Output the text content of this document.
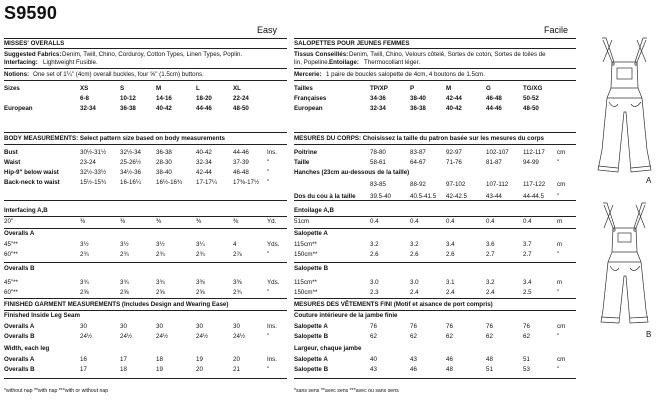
S9590
Easy
MISSES' OVERALLS
Suggested Fabrics: Denim, Twill, Chino, Corduroy, Cotton Types, Linen Types, Poplin.
Interfacing: Lightweight Fusible.
Notions: One set of 1¼" (4cm) overall buckles, four ⅝" (1.5cm) buttons.
Sizes	XS	S	M	L	XL
6-8	10-12	14-16	18-20	22-24
European	32-34	36-38	40-42	44-46	48-50
BODY MEASUREMENTS: Select pattern size based on body measurements
Bust	30½-31½ 32½-34 36-38	40-42	44-46	Ins.
Waist	23-24	25-26½ 28-30	32-34	37-39	"
Hip-9" below waist	32½-33½ 34½-36 38-40	42-44	46-48	"
Back-neck to waist	15½-15¾ 16-16¼ 16½-16¾ 17-17¼	17⅜-17½ "
Interfacing A,B
20"	⅜	⅜	⅜	⅜	⅜	Yd.
Overalls A
45"**	3½	3½	3½	3¼	4	Yds.
60"**	2¾	2¾	2¾	2¾	2⅞	"
Overalls B
45"**	3¾	3¾	3¾	3⅜	3⅜	Yds.
60"**	2⅝	2⅝	2⅝	2⅝	2¾	"
FINISHED GARMENT MEASUREMENTS (Includes Design and Wearing Ease)
Finished Inside Leg Seam
Overalls A	30	30	30	30	30	Ins.
Overalls B	24½	24½	24½	24½	24½	"
Width, each leg
Overalls A	16	17	18	19	20	Ins.
Overalls B	17	18	19	20	21	"
*without nap **with nap ***with or without nap
Facile
SALOPETTES POUR JEUNES FEMMES
Tissus Conseillés: Denim, Twill, Chino, Velours côtelé, Sortes de coton, Sortes de toiles de
lin, Popeline. Entoilage: Thermocollant léger.
Mercerie: 1 paire de boucles salopette de 4cm, 4 boutons de 1.5cm.
Tailles	TP/XP	P	M	G	TG/XG
Françaises	34-36	38-40	42-44	46-48	50-52
European	32-34	36-38	40-42	44-46	48-50
MESURES DU CORPS: Choisissez la taille du patron basée sur les mesures du corps
Poitrine	78-80	83-87	92-97	102-107 112-117 cm
Taille	58-61	64-67	71-76	81-87	94-99	"
Hanches (23cm au-dessous de la taille)
83-85	88-92	97-102	107-112 117-122 cm
Dos du cou à la taille 39.5-40	40.5-41.5 42-42.5	43-44	44-44.5 "
Entoilage A,B
51cm	0.4	0.4	0.4	0.4	0.4	m
Salopette A
115cm**	3.2	3.2	3.4	3.6	3.7	m
150cm**	2.6	2.6	2.6	2.7	2.7	"
Salopette B
115cm**	3.0	3.0	3.1	3.2	3.4	m
150cm**	2.3	2.4	2.4	2.4	2.5	"
MESURES DES VÊTEMENTS FINI (Motif et aisance de port compris)
Couture intérieure de la jambe finie
Salopette A	76	76	76	76	76	cm
Salopette B	62	62	62	62	62	"
Largeur, chaque jambe
Salopette A	40	43	46	48	51	cm
Salopette B	43	46	48	51	53	"
*sans sens **avec sens ***avec ou sans sens
A
B
